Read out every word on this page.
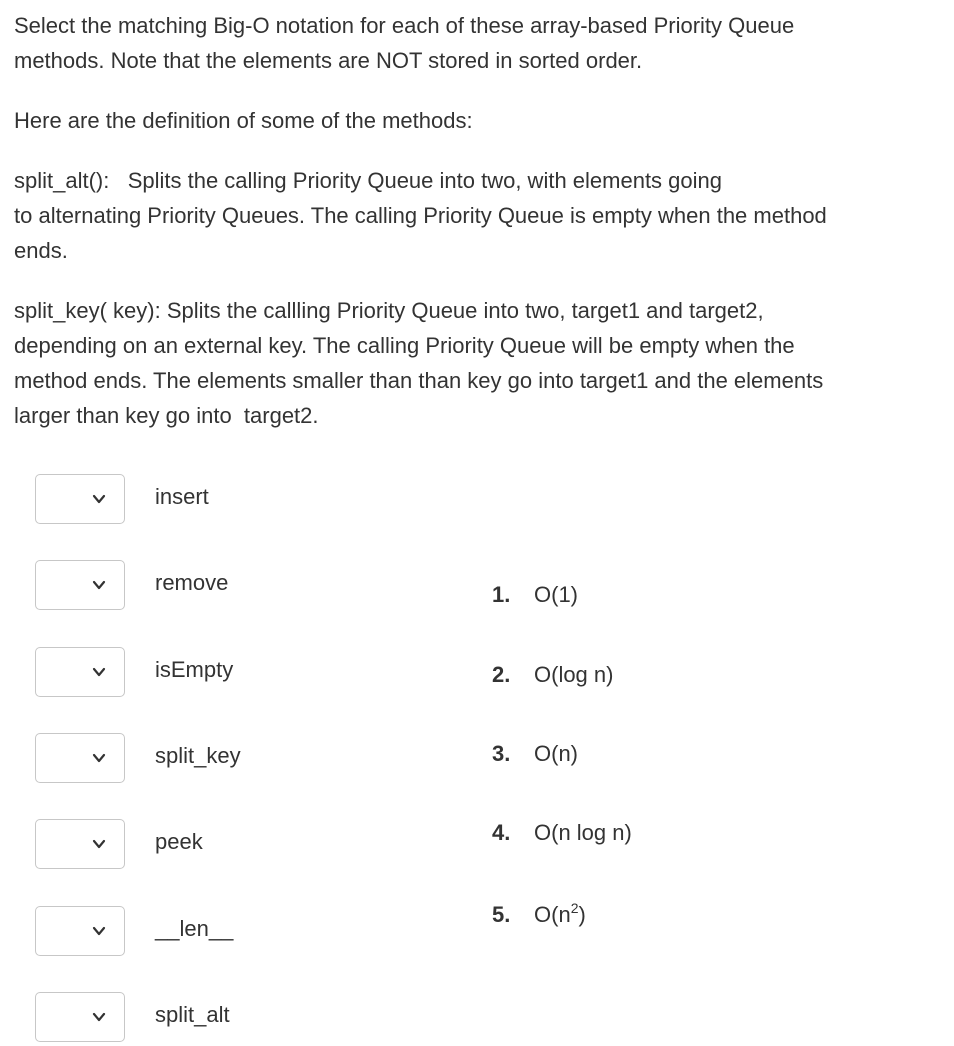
Select the matching Big-O notation for each of these array-based Priority Queue
methods. Note that the elements are NOT stored in sorted order.

Here are the definition of some of the methods:

split_alt():   Splits the calling Priority Queue into two, with elements going
to alternating Priority Queues. The calling Priority Queue is empty when the method
ends.

split_key( key): Splits the callling Priority Queue into two, target1 and target2,
depending on an external key. The calling Priority Queue will be empty when the
method ends. The elements smaller than than key go into target1 and the elements
larger than key go into  target2.

insert
remove
isEmpty
split_key
peek
__len__
split_alt
1. O(1)
2. O(log n)
3. O(n)
4. O(n log n)
5. $O(n^2)$
